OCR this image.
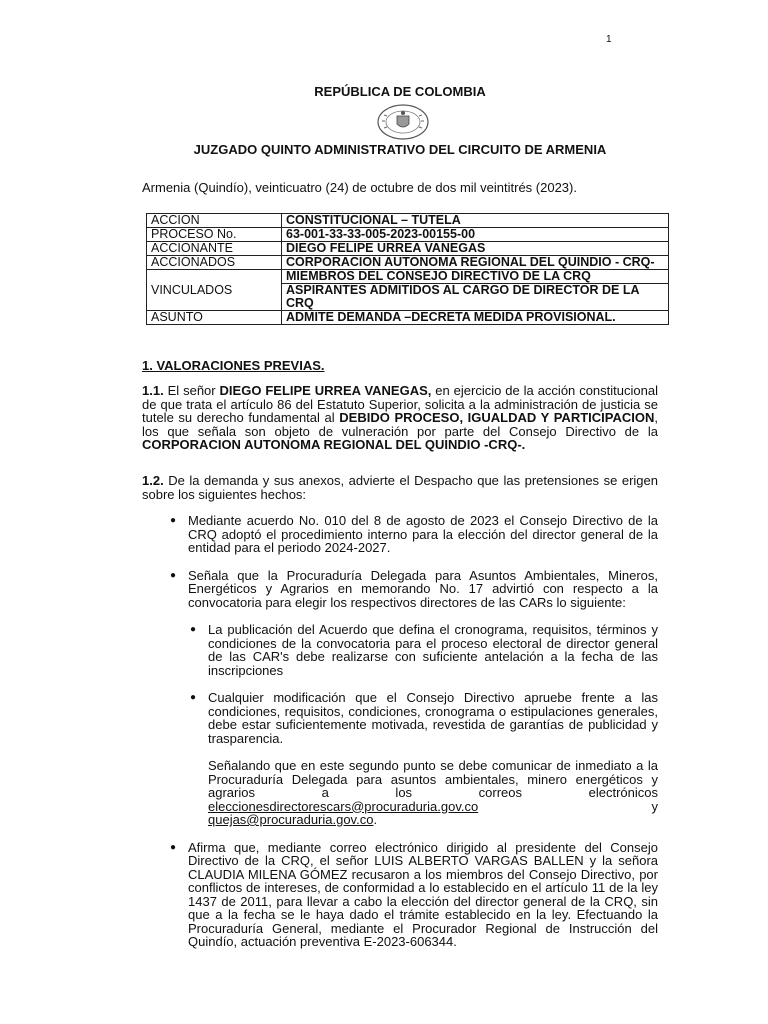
1
REPÚBLICA DE COLOMBIA
JUZGADO QUINTO ADMINISTRATIVO DEL CIRCUITO DE ARMENIA
Armenia (Quindío), veinticuatro (24) de octubre de dos mil veintitrés (2023).
ACCION	CONSTITUCIONAL – TUTELA
PROCESO No.	63-001-33-33-005-2023-00155-00
ACCIONANTE	DIEGO FELIPE URREA VANEGAS
ACCIONADOS	CORPORACION AUTONOMA REGIONAL DEL QUINDIO - CRQ-
VINCULADOS	MIEMBROS DEL CONSEJO DIRECTIVO DE LA CRQ
	ASPIRANTES ADMITIDOS AL CARGO DE DIRECTOR DE LA CRQ
ASUNTO	ADMITE DEMANDA –DECRETA MEDIDA PROVISIONAL.
1. VALORACIONES PREVIAS.

1.1. El señor DIEGO FELIPE URREA VANEGAS, en ejercicio de la acción constitucional de que trata el artículo 86 del Estatuto Superior, solicita a la administración de justicia se tutele su derecho fundamental al DEBIDO PROCESO, IGUALDAD Y PARTICIPACION, los que señala son objeto de vulneración por parte del Consejo Directivo de la CORPORACION AUTONOMA REGIONAL DEL QUINDIO -CRQ-.

1.2. De la demanda y sus anexos, advierte el Despacho que las pretensiones se erigen sobre los siguientes hechos:

● Mediante acuerdo No. 010 del 8 de agosto de 2023 el Consejo Directivo de la CRQ adoptó el procedimiento interno para la elección del director general de la entidad para el periodo 2024-2027.
● Señala que la Procuraduría Delegada para Asuntos Ambientales, Mineros, Energéticos y Agrarios en memorando No. 17 advirtió con respecto a la convocatoria para elegir los respectivos directores de las CARs lo siguiente:
● La publicación del Acuerdo que defina el cronograma, requisitos, términos y condiciones de la convocatoria para el proceso electoral de director general de las CAR's debe realizarse con suficiente antelación a la fecha de las inscripciones
● Cualquier modificación que el Consejo Directivo apruebe frente a las condiciones, requisitos, condiciones, cronograma o estipulaciones generales, debe estar suficientemente motivada, revestida de garantías de publicidad y trasparencia.

Señalando que en este segundo punto se debe comunicar de inmediato a la Procuraduría Delegada para asuntos ambientales, minero energéticos y agrarios a los correos electrónicos eleccionesdirectorescars@procuraduria.gov.co y quejas@procuraduria.gov.co.

● Afirma que, mediante correo electrónico dirigido al presidente del Consejo Directivo de la CRQ, el señor LUIS ALBERTO VARGAS BALLEN y la señora CLAUDIA MILENA GÓMEZ recusaron a los miembros del Consejo Directivo, por conflictos de intereses, de conformidad a lo establecido en el artículo 11 de la ley 1437 de 2011, para llevar a cabo la elección del director general de la CRQ, sin que a la fecha se le haya dado el trámite establecido en la ley. Efectuando la Procuraduría General, mediante el Procurador Regional de Instrucción del Quindío, actuación preventiva E-2023-606344.
